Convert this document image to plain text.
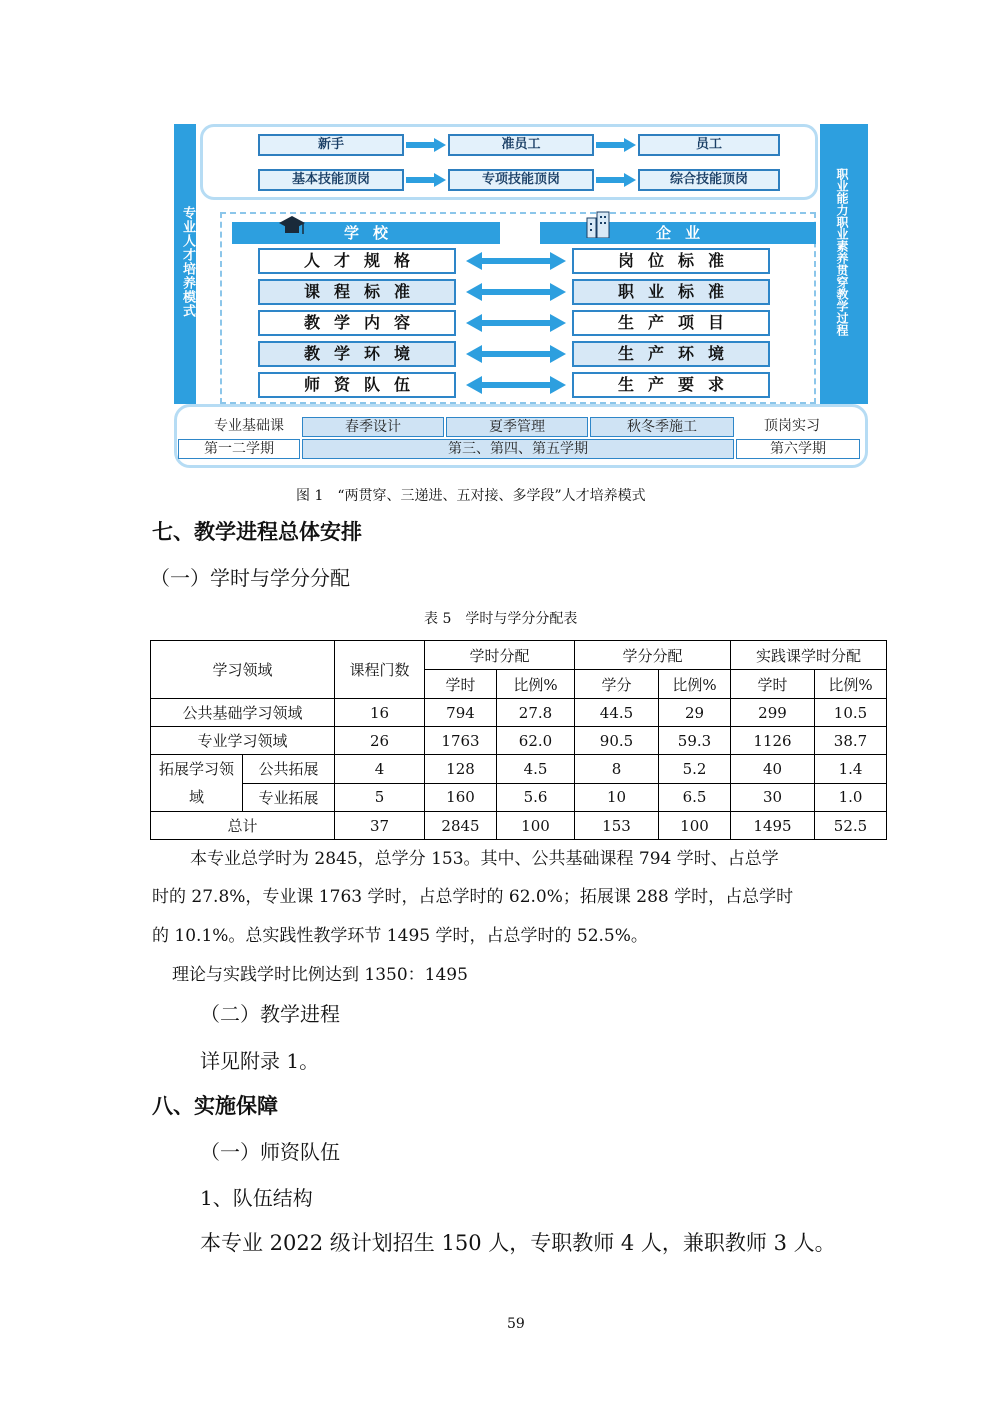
专业人才培养模式	职业能力职业素养贯穿教学过程
新手	准员工	员工
基本技能顶岗	专项技能顶岗	综合技能顶岗
学校	企业
人才规格	岗位标准
课程标准	职业标准
教学内容	生产项目
教学环境	生产环境
师资队伍	生产要求
专业基础课	春季设计	夏季管理	秋冬季施工	顶岗实习
第一二学期	第三、第四、第五学期	第六学期
图 1　“两贯穿、三递进、五对接、多学段”人才培养模式
七、教学进程总体安排
（一）学时与学分分配
表 5　学时与学分分配表
学习领域		课程门数	学时分配		学分分配		实践课学时分配	
			学时	比例%	学分	比例%	学时	比例%
公共基础学习领域		16	794	27.8	44.5	29	299	10.5
专业学习领域		26	1763	62.0	90.5	59.3	1126	38.7
拓展学习领域	公共拓展	4	128	4.5	8	5.2	40	1.4
	专业拓展	5	160	5.6	10	6.5	30	1.0
总计		37	2845	100	153	100	1495	52.5
本专业总学时为 2845，总学分 153。其中、公共基础课程 794 学时、占总学
时的 27.8%，专业课 1763 学时，占总学时的 62.0%；拓展课 288 学时，占总学时
的 10.1%。总实践性教学环节 1495 学时，占总学时的 52.5%。
理论与实践学时比例达到 1350：1495
（二）教学进程
详见附录 1。
八、实施保障
（一）师资队伍
1、队伍结构
本专业 2022 级计划招生 150 人，专职教师 4 人，兼职教师 3 人。
59
